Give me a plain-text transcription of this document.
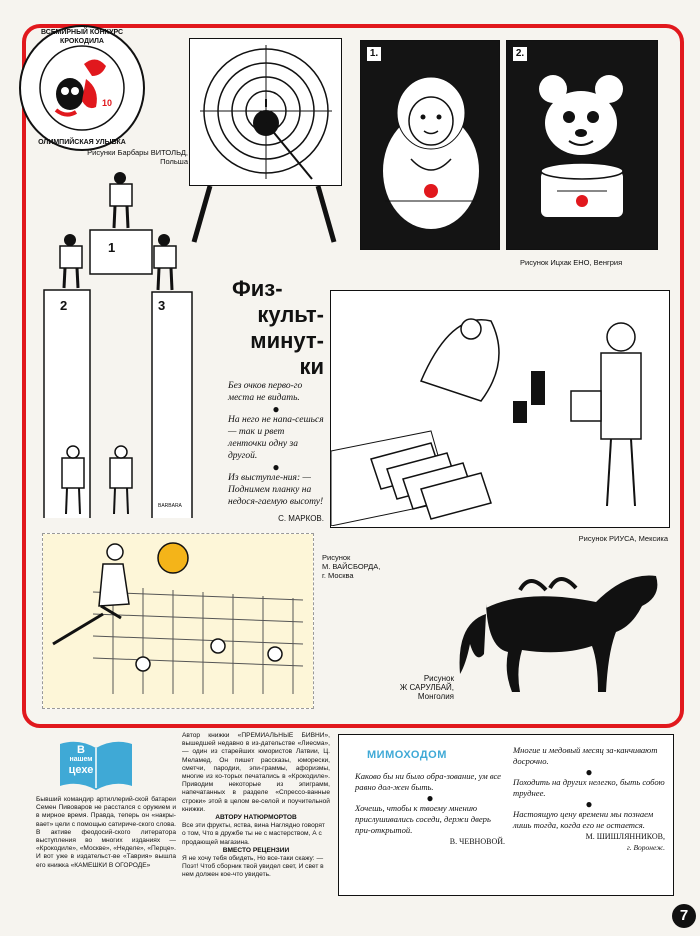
10
ВСЕМИРНЫЙ КОНКУРС КРОКОДИЛА
ОЛИМПИЙСКАЯ УЛЫБКА
Рисунки Барбары ВИТОЛЬД,
Польша
1.	2.
Рисунок Ицхак ЕНО, Венгрия
1
2	3
BARBARA
Физ-
культ-
минут-
ки
Без очков перво-го места не видать.
●
На него не напа-сешься — так и рвет ленточки одну за другой.
●
Из выступле-ния: — Поднимем планку на недося-гаемую высоту!
С. МАРКОВ.
Рисунок РИУСА, Мексика
Рисунок
М. ВАЙСБОРДА,
г. Москва
Рисунок
Ж САРУЛБАЙ,
Монголия
В
нашем
цехе
Бывший командир артиллерий-ской батареи Семен Пивоваров не расстался с оружием и в мирное время. Правда, теперь он «накры-вает» цели с помощью сатириче-ского слова. В активе феодосий-ского литератора выступления во многих изданиях — «Крокодиле», «Москве», «Неделе», «Перце». И вот уже в издательст-ве «Таврия» вышла его книжка «КАМЕШКИ В ОГОРОДЕ»
Автор книжки «ПРЕМИАЛЬНЫЕ БИВНИ», вышедшей недавно в из-дательстве «Лиесма», — один из старейших юмористов Латвии, Ц. Меламед. Он пишет рассказы, юморески, сметчи, пародии, эпи-граммы, афоризмы, многие из ко-торых печатались в «Крокодиле». Приводим некоторые из эпиграмм, напечатанных в разделе «Спрессо-ванные строки» этой в целом ве-селой и поучительной книжки.
АВТОРУ НАТЮРМОРТОВ
Все эти фрукты, яства, вина Наглядно говорят о том, Что в дружбе ты не с мастерством, А с продающей магазина.
ВМЕСТО РЕЦЕНЗИИ
Я не хочу тебя обидеть, Но все-таки скажу: — Поэт! Чтоб сборник твой увидел свет, И свет в нем должен кое-что увидеть.
МИМОХОДОМ
Каково бы ни было обра-зование, ум все равно дол-жен быть.
●
Хочешь, чтобы к твоему мнению прислушивались соседи, держи дверь при-открытой.
В. ЧЕВНОВОЙ.
Многие и медовый месяц за-канчивают досрочно.
●
Походить на других нелегко, быть собою труднее.
●
Настоящую цену времени мы познаем лишь тогда, когда его не остается.
М. ШИШЛЯННИКОВ,
г. Воронеж.
7
